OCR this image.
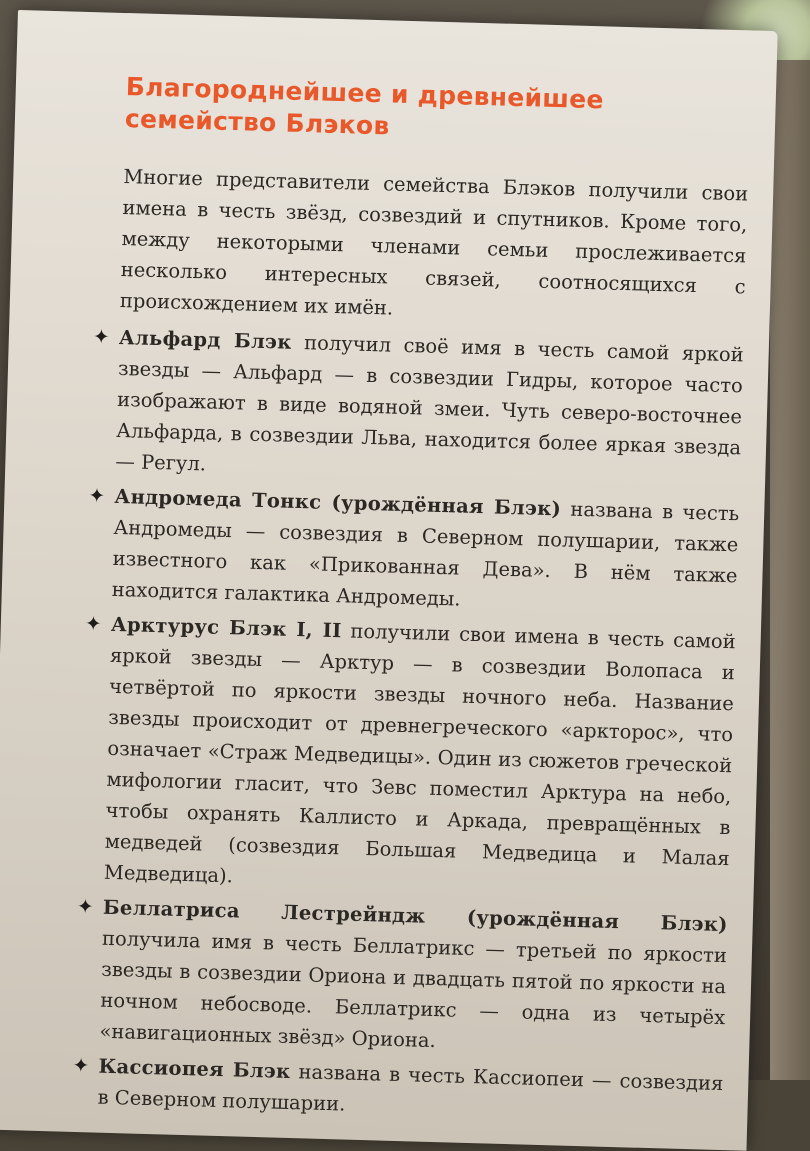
Благороднейшее и древнейшее семейство Блэков

Многие представители семейства Блэков получили свои имена в честь звёзд, созвездий и спутников. Кроме того, между некоторыми членами семьи прослеживается несколько интересных связей, соотносящихся с происхождением их имён.

✦ Альфард Блэк получил своё имя в честь самой яркой звезды — Альфард — в созвездии Гидры, которое часто изображают в виде водяной змеи. Чуть северо-восточнее Альфарда, в созвездии Льва, находится более яркая звезда — Регул.
✦ Андромеда Тонкс (урождённая Блэк) названа в честь Андромеды — созвездия в Северном полушарии, также известного как «Прикованная Дева». В нём также находится галактика Андромеды.
✦ Арктурус Блэк I, II получили свои имена в честь самой яркой звезды — Арктур — в созвездии Волопаса и четвёртой по яркости звезды ночного неба. Название звезды происходит от древнегреческого «аркторос», что означает «Страж Медведицы». Один из сюжетов греческой мифологии гласит, что Зевс поместил Арктура на небо, чтобы охранять Каллисто и Аркада, превращённых в медведей (созвездия Большая Медведица и Малая Медведица).
✦ Беллатриса Лестрейндж (урождённая Блэк) получила имя в честь Беллатрикс — третьей по яркости звезды в созвездии Ориона и двадцать пятой по яркости на ночном небосводе. Беллатрикс — одна из четырёх «навигационных звёзд» Ориона.
✦ Кассиопея Блэк названа в честь Кассиопеи — созвездия в Северном полушарии.
